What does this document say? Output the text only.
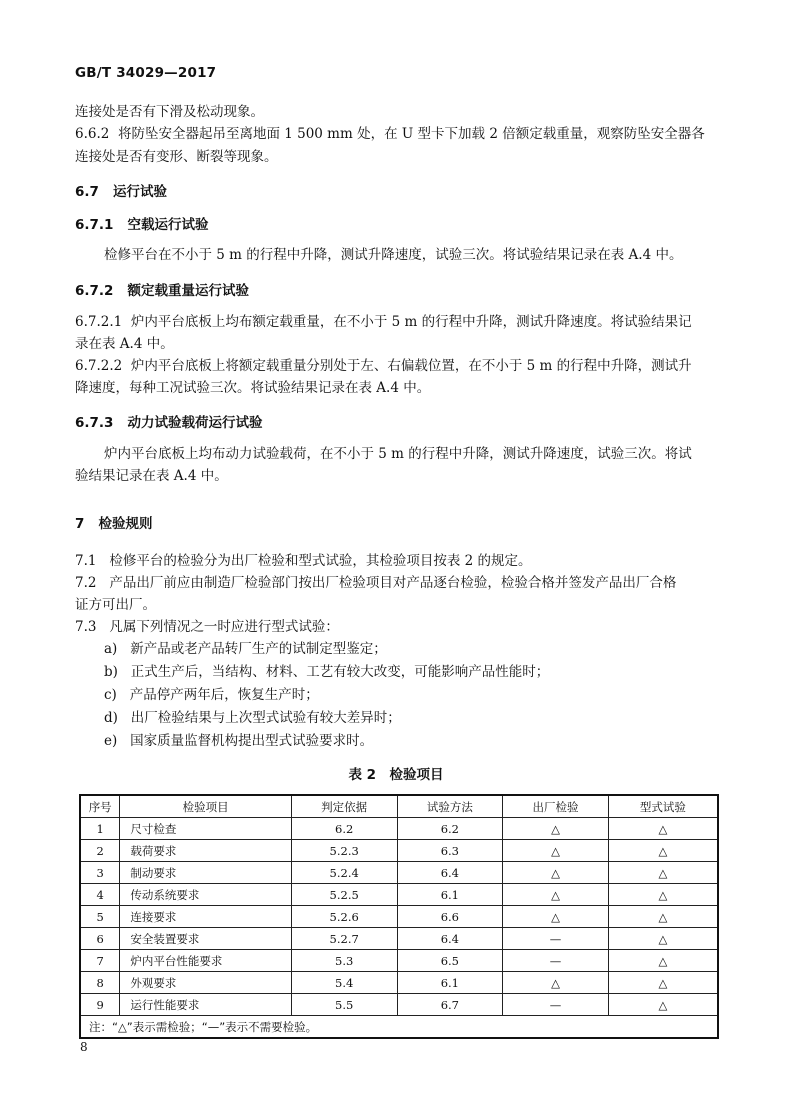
GB/T 34029—2017
连接处是否有下滑及松动现象。
6.6.2 将防坠安全器起吊至离地面 1 500 mm 处，在 U 型卡下加载 2 倍额定载重量，观察防坠安全器各
连接处是否有变形、断裂等现象。
6.7 运行试验
6.7.1 空载运行试验
检修平台在不小于 5 m 的行程中升降，测试升降速度，试验三次。将试验结果记录在表 A.4 中。
6.7.2 额定载重量运行试验
6.7.2.1 炉内平台底板上均布额定载重量，在不小于 5 m 的行程中升降，测试升降速度。将试验结果记
录在表 A.4 中。
6.7.2.2 炉内平台底板上将额定载重量分别处于左、右偏载位置，在不小于 5 m 的行程中升降，测试升
降速度，每种工况试验三次。将试验结果记录在表 A.4 中。
6.7.3 动力试验载荷运行试验
炉内平台底板上均布动力试验载荷，在不小于 5 m 的行程中升降，测试升降速度，试验三次。将试
验结果记录在表 A.4 中。
7 检验规则
7.1 检修平台的检验分为出厂检验和型式试验，其检验项目按表 2 的规定。
7.2 产品出厂前应由制造厂检验部门按出厂检验项目对产品逐台检验，检验合格并签发产品出厂合格
证方可出厂。
7.3 凡属下列情况之一时应进行型式试验：
a) 新产品或老产品转厂生产的试制定型鉴定；
b) 正式生产后，当结构、材料、工艺有较大改变，可能影响产品性能时；
c) 产品停产两年后，恢复生产时；
d) 出厂检验结果与上次型式试验有较大差异时；
e) 国家质量监督机构提出型式试验要求时。
表 2　检验项目
序号	检验项目	判定依据	试验方法	出厂检验	型式试验
1	尺寸检查	6.2	6.2	△	△
2	载荷要求	5.2.3	6.3	△	△
3	制动要求	5.2.4	6.4	△	△
4	传动系统要求	5.2.5	6.1	△	△
5	连接要求	5.2.6	6.6	△	△
6	安全装置要求	5.2.7	6.4	—	△
7	炉内平台性能要求	5.3	6.5	—	△
8	外观要求	5.4	6.1	△	△
9	运行性能要求	5.5	6.7	—	△
注：“△”表示需检验；“—”表示不需要检验。					
8
